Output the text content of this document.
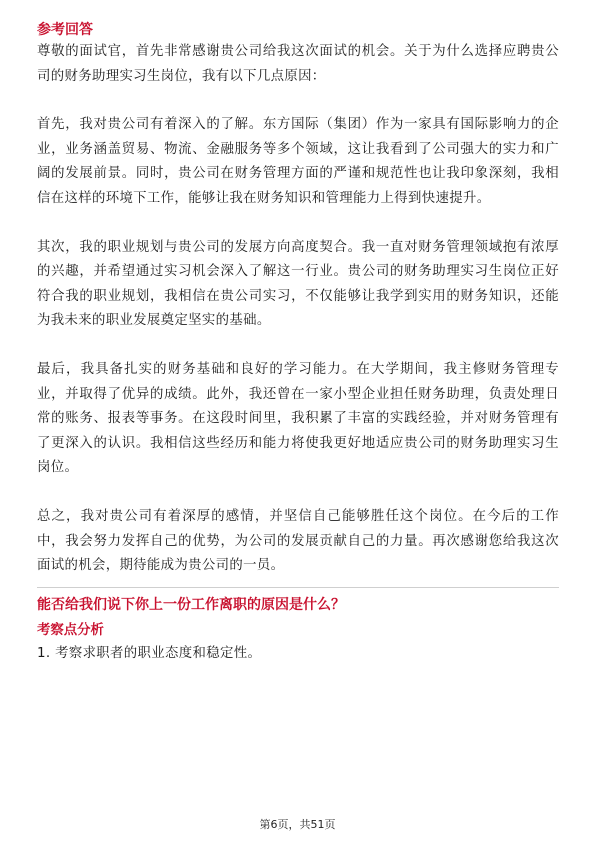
参考回答

尊敬的面试官，首先非常感谢贵公司给我这次面试的机会。关于为什么选择应聘贵公司的财务助理实习生岗位，我有以下几点原因：

首先，我对贵公司有着深入的了解。东方国际（集团）作为一家具有国际影响力的企业，业务涵盖贸易、物流、金融服务等多个领域，这让我看到了公司强大的实力和广阔的发展前景。同时，贵公司在财务管理方面的严谨和规范性也让我印象深刻，我相信在这样的环境下工作，能够让我在财务知识和管理能力上得到快速提升。

其次，我的职业规划与贵公司的发展方向高度契合。我一直对财务管理领域抱有浓厚的兴趣，并希望通过实习机会深入了解这一行业。贵公司的财务助理实习生岗位正好符合我的职业规划，我相信在贵公司实习，不仅能够让我学到实用的财务知识，还能为我未来的职业发展奠定坚实的基础。

最后，我具备扎实的财务基础和良好的学习能力。在大学期间，我主修财务管理专业，并取得了优异的成绩。此外，我还曾在一家小型企业担任财务助理，负责处理日常的账务、报表等事务。在这段时间里，我积累了丰富的实践经验，并对财务管理有了更深入的认识。我相信这些经历和能力将使我更好地适应贵公司的财务助理实习生岗位。

总之，我对贵公司有着深厚的感情，并坚信自己能够胜任这个岗位。在今后的工作中，我会努力发挥自己的优势，为公司的发展贡献自己的力量。再次感谢您给我这次面试的机会，期待能成为贵公司的一员。

能否给我们说下你上一份工作离职的原因是什么？
考察点分析

1. 考察求职者的职业态度和稳定性。

第6页，共51页
